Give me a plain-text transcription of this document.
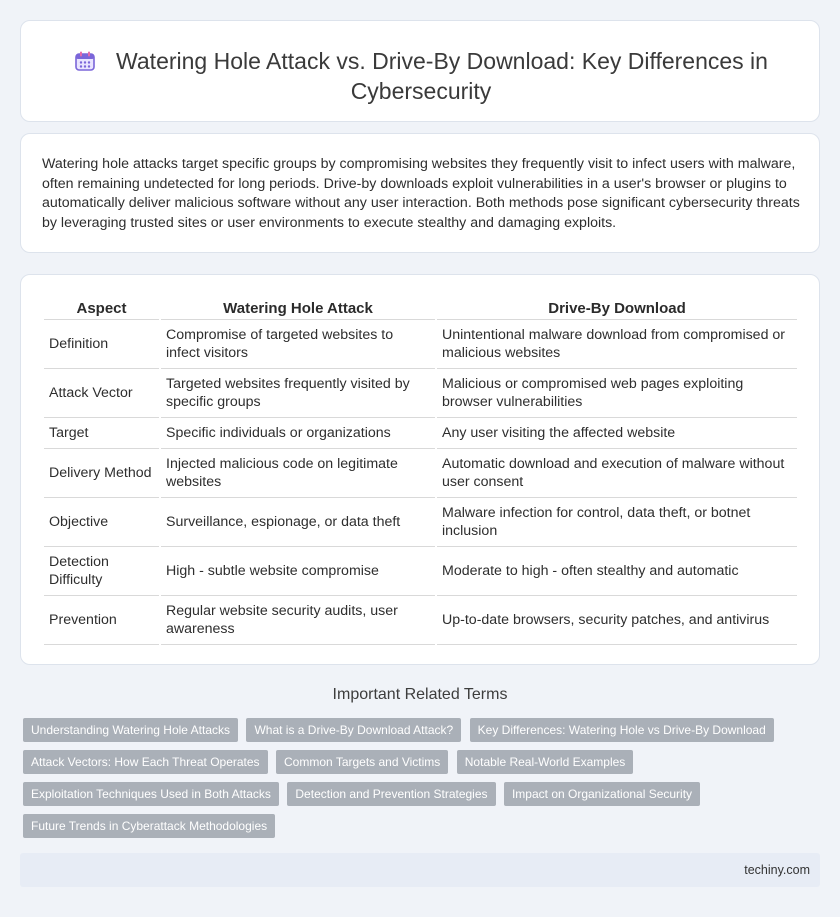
Watering Hole Attack vs. Drive-By Download: Key Differences in Cybersecurity

Watering hole attacks target specific groups by compromising websites they frequently visit to infect users with malware, often remaining undetected for long periods. Drive-by downloads exploit vulnerabilities in a user's browser or plugins to automatically deliver malicious software without any user interaction. Both methods pose significant cybersecurity threats by leveraging trusted sites or user environments to execute stealthy and damaging exploits.

Aspect	Watering Hole Attack	Drive-By Download
Definition	Compromise of targeted websites to infect visitors	Unintentional malware download from compromised or malicious websites
Attack Vector	Targeted websites frequently visited by specific groups	Malicious or compromised web pages exploiting browser vulnerabilities
Target	Specific individuals or organizations	Any user visiting the affected website
Delivery Method	Injected malicious code on legitimate websites	Automatic download and execution of malware without user consent
Objective	Surveillance, espionage, or data theft	Malware infection for control, data theft, or botnet inclusion
Detection Difficulty	High - subtle website compromise	Moderate to high - often stealthy and automatic
Prevention	Regular website security audits, user awareness	Up-to-date browsers, security patches, and antivirus
Important Related Terms
Understanding Watering Hole Attacks What is a Drive-By Download Attack? Key Differences: Watering Hole vs Drive-By Download Attack Vectors: How Each Threat Operates Common Targets and Victims Notable Real-World Examples Exploitation Techniques Used in Both Attacks Detection and Prevention Strategies Impact on Organizational Security Future Trends in Cyberattack Methodologies
techiny.com
